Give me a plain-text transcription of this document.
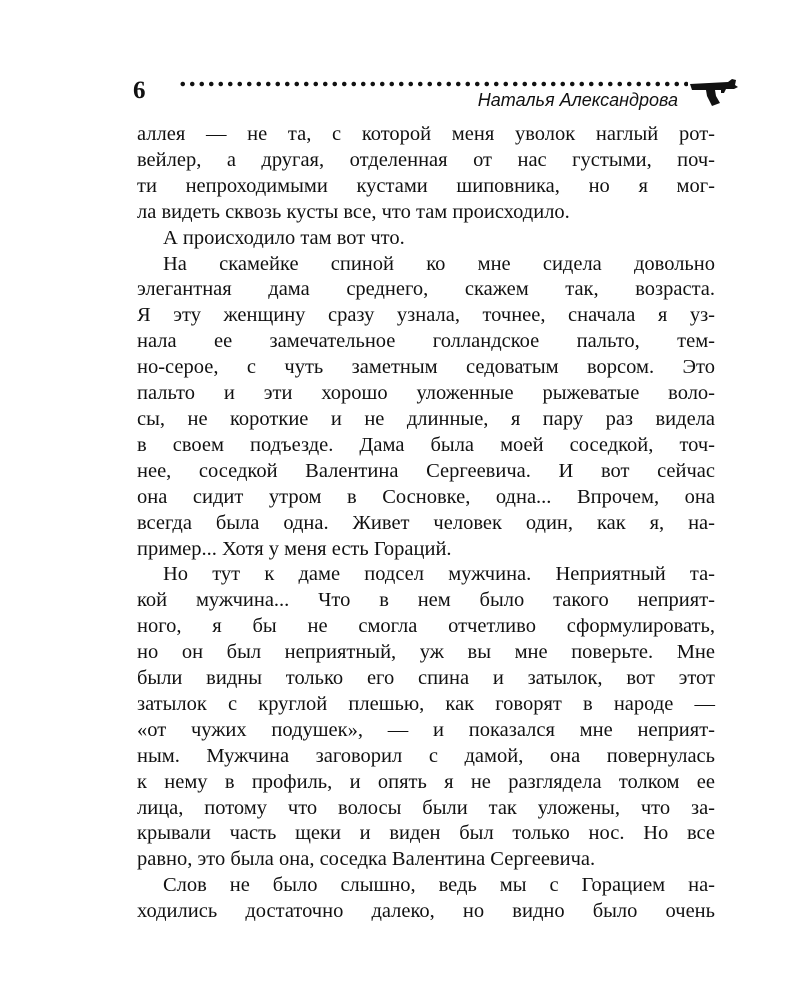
6	Наталья Александрова
аллея — не та, с которой меня уволок наглый рот-
вейлер, а другая, отделенная от нас густыми, поч-
ти непроходимыми кустами шиповника, но я мог-
ла видеть сквозь кусты все, что там происходило.
А происходило там вот что.
На скамейке спиной ко мне сидела довольно
элегантная дама среднего, скажем так, возраста.
Я эту женщину сразу узнала, точнее, сначала я уз-
нала ее замечательное голландское пальто, тем-
но-серое, с чуть заметным седоватым ворсом. Это
пальто и эти хорошо уложенные рыжеватые воло-
сы, не короткие и не длинные, я пару раз видела
в своем подъезде. Дама была моей соседкой, точ-
нее, соседкой Валентина Сергеевича. И вот сейчас
она сидит утром в Сосновке, одна... Впрочем, она
всегда была одна. Живет человек один, как я, на-
пример... Хотя у меня есть Гораций.
Но тут к даме подсел мужчина. Неприятный та-
кой мужчина... Что в нем было такого неприят-
ного, я бы не смогла отчетливо сформулировать,
но он был неприятный, уж вы мне поверьте. Мне
были видны только его спина и затылок, вот этот
затылок с круглой плешью, как говорят в народе —
«от чужих подушек», — и показался мне неприят-
ным. Мужчина заговорил с дамой, она повернулась
к нему в профиль, и опять я не разглядела толком ее
лица, потому что волосы были так уложены, что за-
крывали часть щеки и виден был только нос. Но все
равно, это была она, соседка Валентина Сергеевича.
Слов не было слышно, ведь мы с Горацием на-
ходились достаточно далеко, но видно было очень
